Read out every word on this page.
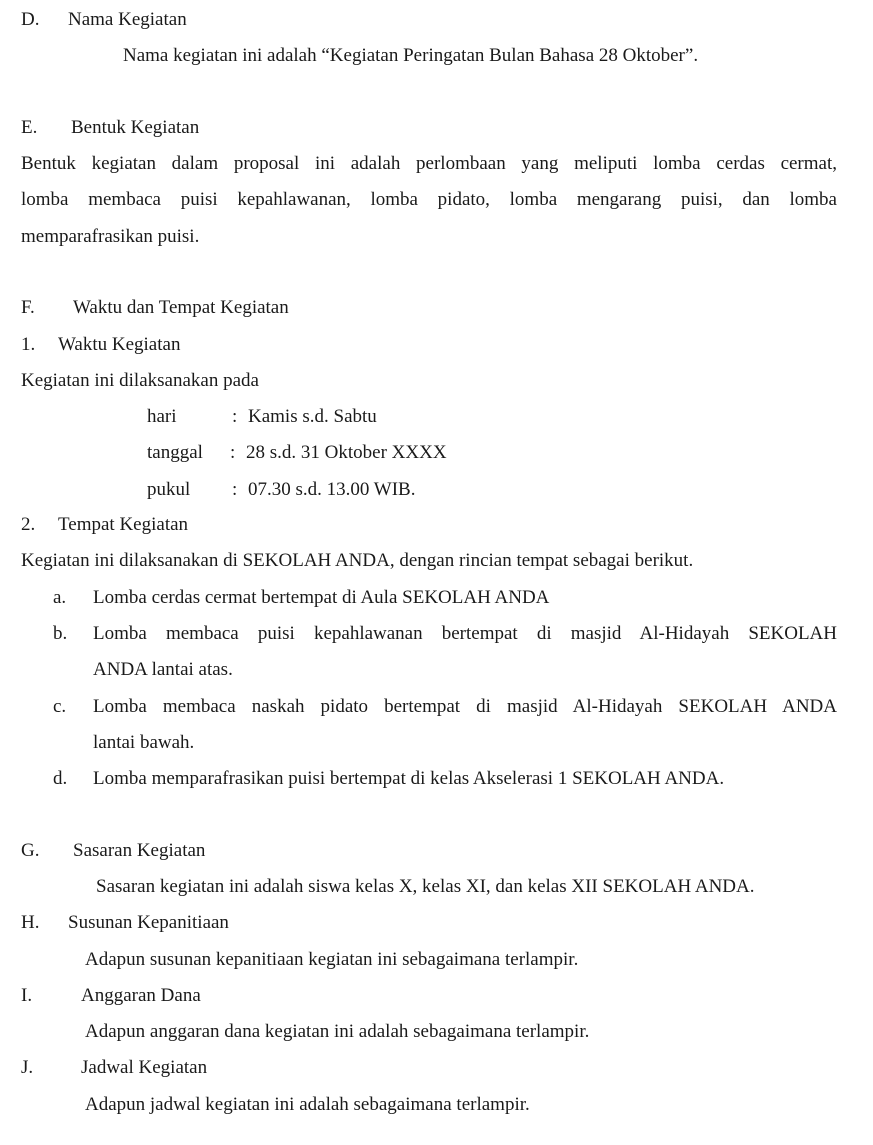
D. Nama Kegiatan
Nama kegiatan ini adalah “Kegiatan Peringatan Bulan Bahasa 28 Oktober”.
E. Bentuk Kegiatan
Bentuk kegiatan dalam proposal ini adalah perlombaan yang meliputi lomba cerdas cermat,
lomba membaca puisi kepahlawanan, lomba pidato, lomba mengarang puisi, dan lomba
memparafrasikan puisi.
F. Waktu dan Tempat Kegiatan
1. Waktu Kegiatan
Kegiatan ini dilaksanakan pada
hari	: Kamis s.d. Sabtu
tanggal : 28 s.d. 31 Oktober XXXX
pukul : 07.30 s.d. 13.00 WIB.
2. Tempat Kegiatan
Kegiatan ini dilaksanakan di SEKOLAH ANDA, dengan rincian tempat sebagai berikut.
a. Lomba cerdas cermat bertempat di Aula SEKOLAH ANDA
b. Lomba membaca puisi kepahlawanan bertempat di masjid Al-Hidayah SEKOLAH
ANDA lantai atas.
c. Lomba membaca naskah pidato bertempat di masjid Al-Hidayah SEKOLAH ANDA
lantai bawah.
d. Lomba memparafrasikan puisi bertempat di kelas Akselerasi 1 SEKOLAH ANDA.
G. Sasaran Kegiatan
Sasaran kegiatan ini adalah siswa kelas X, kelas XI, dan kelas XII SEKOLAH ANDA.
H. Susunan Kepanitiaan
Adapun susunan kepanitiaan kegiatan ini sebagaimana terlampir.
I.	Anggaran Dana
Adapun anggaran dana kegiatan ini adalah sebagaimana terlampir.
J.	Jadwal Kegiatan
Adapun jadwal kegiatan ini adalah sebagaimana terlampir.
